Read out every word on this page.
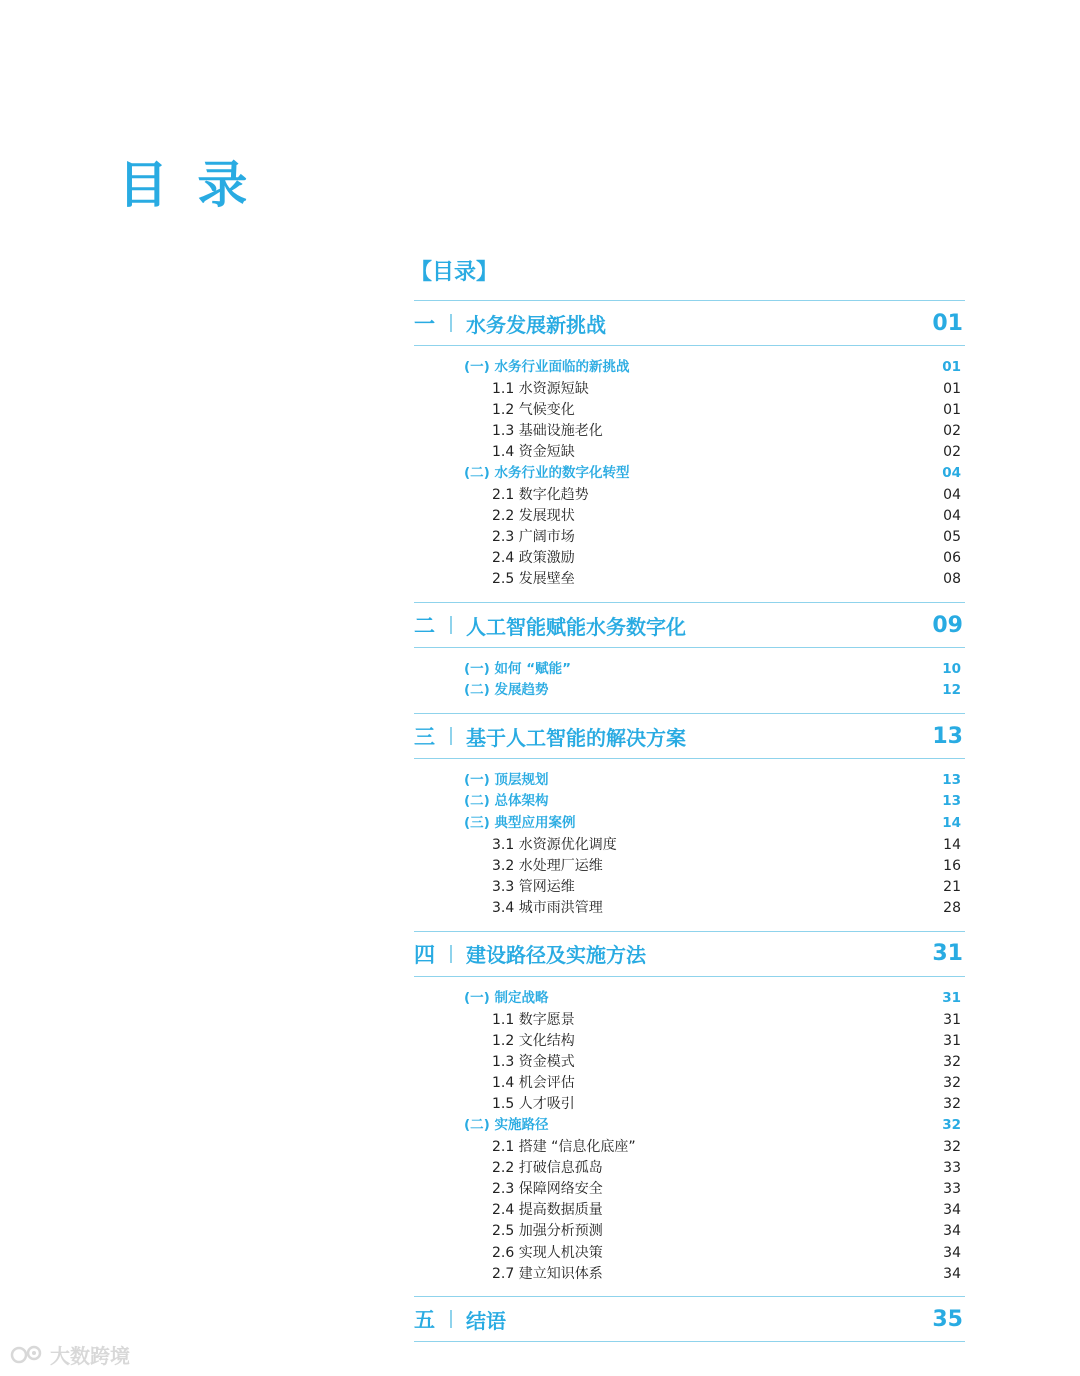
目 录
【目录】
一	水务发展新挑战	01
(一) 水务行业面临的新挑战	01
1.1 水资源短缺	01
1.2 气候变化	01
1.3 基础设施老化	02
1.4 资金短缺	02
(二) 水务行业的数字化转型	04
2.1 数字化趋势	04
2.2 发展现状	04
2.3 广阔市场	05
2.4 政策激励	06
2.5 发展壁垒	08
二	人工智能赋能水务数字化	09
(一) 如何 “赋能”	10
(二) 发展趋势	12
三	基于人工智能的解决方案	13
(一) 顶层规划	13
(二) 总体架构	13
(三) 典型应用案例	14
3.1 水资源优化调度	14
3.2 水处理厂运维	16
3.3 管网运维	21
3.4 城市雨洪管理	28
四	建设路径及实施方法	31
(一) 制定战略	31
1.1 数字愿景	31
1.2 文化结构	31
1.3 资金模式	32
1.4 机会评估	32
1.5 人才吸引	32
(二) 实施路径	32
2.1 搭建 “信息化底座”	32
2.2 打破信息孤岛	33
2.3 保障网络安全	33
2.4 提高数据质量	34
2.5 加强分析预测	34
2.6 实现人机决策	34
2.7 建立知识体系	34
五	结语	35
大数跨境
